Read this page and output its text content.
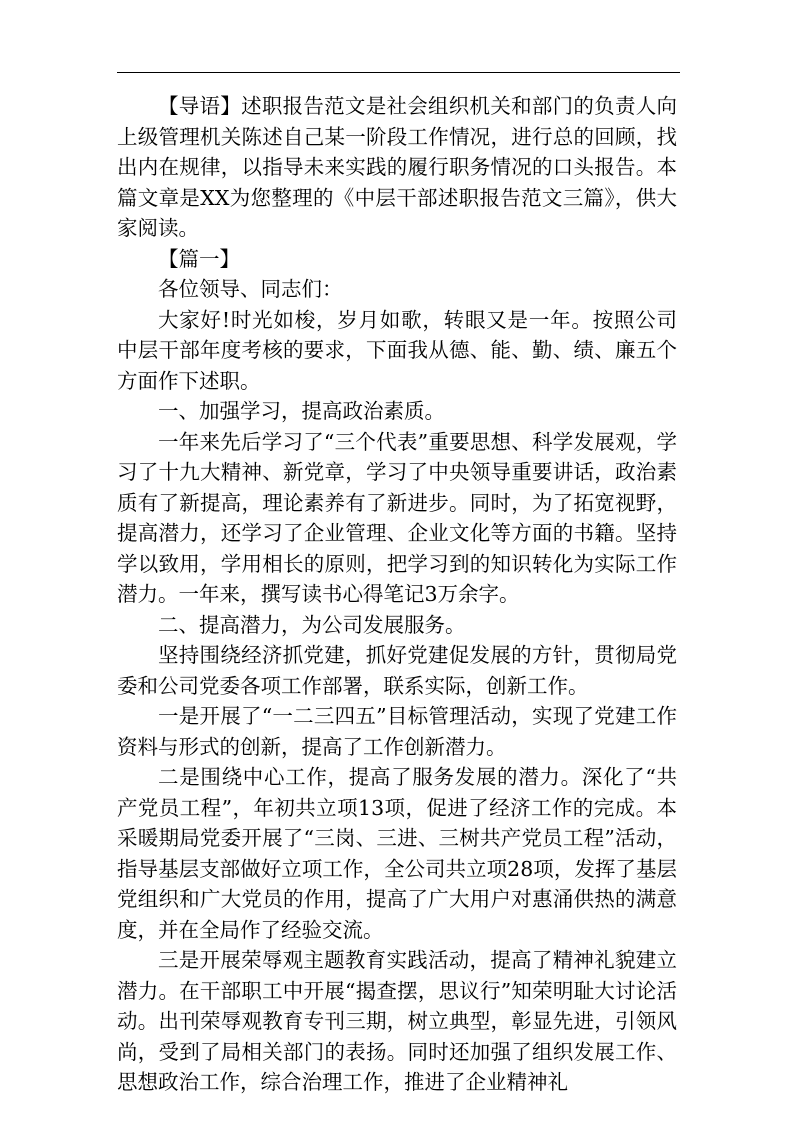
【导语】述职报告范文是社会组织机关和部门的负责人向上级管理机关陈述自己某一阶段工作情况，进行总的回顾，找出内在规律，以指导未来实践的履行职务情况的口头报告。本篇文章是XX为您整理的《中层干部述职报告范文三篇》，供大家阅读。

【篇一】

各位领导、同志们：

大家好!时光如梭，岁月如歌，转眼又是一年。按照公司中层干部年度考核的要求，下面我从德、能、勤、绩、廉五个方面作下述职。

一、加强学习，提高政治素质。

一年来先后学习了“三个代表”重要思想、科学发展观，学习了十九大精神、新党章，学习了中央领导重要讲话，政治素质有了新提高，理论素养有了新进步。同时，为了拓宽视野，提高潜力，还学习了企业管理、企业文化等方面的书籍。坚持学以致用，学用相长的原则，把学习到的知识转化为实际工作潜力。一年来，撰写读书心得笔记3万余字。

二、提高潜力，为公司发展服务。

坚持围绕经济抓党建，抓好党建促发展的方针，贯彻局党委和公司党委各项工作部署，联系实际，创新工作。

一是开展了“一二三四五”目标管理活动，实现了党建工作资料与形式的创新，提高了工作创新潜力。

二是围绕中心工作，提高了服务发展的潜力。深化了“共产党员工程”，年初共立项13项，促进了经济工作的完成。本采暖期局党委开展了“三岗、三进、三树共产党员工程”活动，指导基层支部做好立项工作，全公司共立项28项，发挥了基层党组织和广大党员的作用，提高了广大用户对惠涌供热的满意度，并在全局作了经验交流。

三是开展荣辱观主题教育实践活动，提高了精神礼貌建立潜力。在干部职工中开展“揭查摆，思议行”知荣明耻大讨论活动。出刊荣辱观教育专刊三期，树立典型，彰显先进，引领风尚，受到了局相关部门的表扬。同时还加强了组织发展工作、思想政治工作，综合治理工作，推进了企业精神礼
